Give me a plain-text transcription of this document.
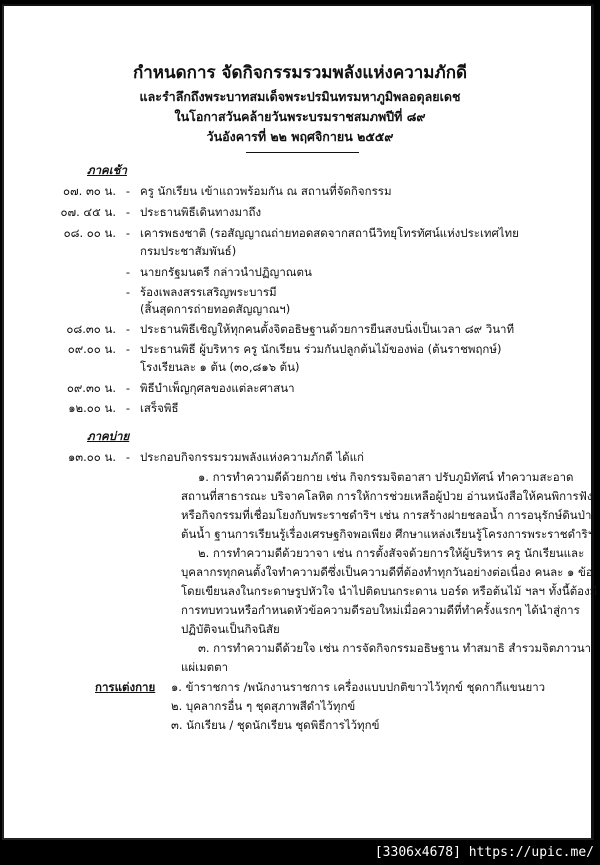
กำหนดการ จัดกิจกรรมรวมพลังแห่งความภักดี
และรำลึกถึงพระบาทสมเด็จพระปรมินทรมหาภูมิพลอดุลยเดช
ในโอกาสวันคล้ายวันพระบรมราชสมภพปีที่ ๘๙
วันอังคารที่ ๒๒ พฤศจิกายน ๒๕๕๙
ภาคเช้า
๐๗. ๓๐ น. - ครู นักเรียน เข้าแถวพร้อมกัน ณ สถานที่จัดกิจกรรม
๐๗. ๔๕ น. - ประธานพิธีเดินทางมาถึง
๐๘. ๐๐ น. - เคารพธงชาติ (รอสัญญาณถ่ายทอดสดจากสถานีวิทยุโทรทัศน์แห่งประเทศไทย
กรมประชาสัมพันธ์)
- นายกรัฐมนตรี กล่าวนำปฏิญาณตน
- ร้องเพลงสรรเสริญพระบารมี
(สิ้นสุดการถ่ายทอดสัญญาณฯ)
๐๘.๓๐ น. - ประธานพิธีเชิญให้ทุกคนตั้งจิตอธิษฐานด้วยการยืนสงบนิ่งเป็นเวลา ๘๙ วินาที
๐๙.๐๐ น. - ประธานพิธี ผู้บริหาร ครู นักเรียน ร่วมกันปลูกต้นไม้ของพ่อ (ต้นราชพฤกษ์)
โรงเรียนละ ๑ ต้น (๓๐,๘๑๖ ต้น)
๐๙.๓๐ น. - พิธีบำเพ็ญกุศลของแต่ละศาสนา
๑๒.๐๐ น. - เสร็จพิธี
ภาคบ่าย
๑๓.๐๐ น. - ประกอบกิจกรรมรวมพลังแห่งความภักดี ได้แก่
๑. การทำความดีด้วยกาย เช่น กิจกรรมจิตอาสา ปรับภูมิทัศน์ ทำความสะอาด
สถานที่สาธารณะ บริจาคโลหิต การให้การช่วยเหลือผู้ป่วย อ่านหนังสือให้คนพิการฟัง
หรือกิจกรรมที่เชื่อมโยงกับพระราชดำริฯ เช่น การสร้างฝายชลอน้ำ การอนุรักษ์ดินป่า
ต้นน้ำ ฐานการเรียนรู้เรื่องเศรษฐกิจพอเพียง ศึกษาแหล่งเรียนรู้โครงการพระราชดำริฯ
๒. การทำความดีด้วยวาจา เช่น การตั้งสัจจด้วยการให้ผู้บริหาร ครู นักเรียนและ
บุคลากรทุกคนตั้งใจทำความดีซึ่งเป็นความดีที่ต้องทำทุกวันอย่างต่อเนื่อง คนละ ๑ ข้อ
โดยเขียนลงในกระดาษรูปหัวใจ นำไปติดบนกระดาน บอร์ด หรือต้นไม้ ฯลฯ ทั้งนี้ต้องมี
การทบทวนหรือกำหนดหัวข้อความดีรอบใหม่เมื่อความดีที่ทำครั้งแรกๆ ได้นำสู่การ
ปฏิบัติจนเป็นกิจนิสัย
๓. การทำความดีด้วยใจ เช่น การจัดกิจกรรมอธิษฐาน ทำสมาธิ สำรวมจิตภาวนา
แผ่เมตตา
การแต่งกาย ๑. ข้าราชการ /พนักงานราชการ เครื่องแบบปกติขาวไว้ทุกข์ ชุดกากีแขนยาว
๒. บุคลากรอื่น ๆ ชุดสุภาพสีดำไว้ทุกข์
๓. นักเรียน / ชุดนักเรียน ชุดพิธีการไว้ทุกข์
[3306x4678] https://upic.me/
